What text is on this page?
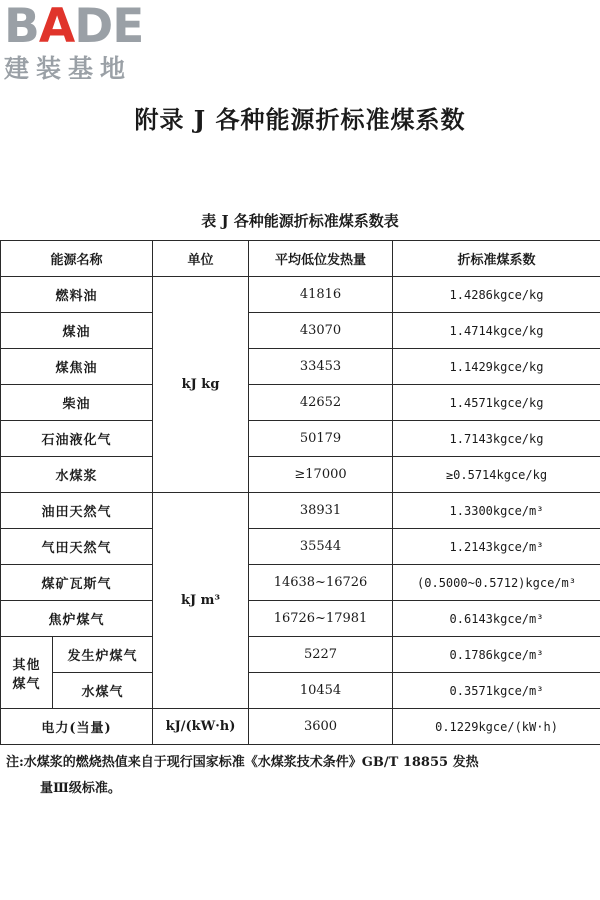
BADE
建装基地
附录 J 各种能源折标准煤系数
表 J 各种能源折标准煤系数表
能源名称		单位	平均低位发热量	折标准煤系数
燃料油		kJ kg	41816	1.4286kgce/kg
煤油			43070	1.4714kgce/kg
煤焦油			33453	1.1429kgce/kg
柴油			42652	1.4571kgce/kg
石油液化气			50179	1.7143kgce/kg
水煤浆			≥17000	≥0.5714kgce/kg
油田天然气		kJ m³	38931	1.3300kgce/m³
气田天然气			35544	1.2143kgce/m³
煤矿瓦斯气			14638~16726	(0.5000~0.5712)kgce/m³
焦炉煤气			16726~17981	0.6143kgce/m³
其他
煤气	发生炉煤气		5227	0.1786kgce/m³
	水煤气		10454	0.3571kgce/m³
电力(当量)		kJ/(kW·h)	3600	0.1229kgce/(kW·h)
注:水煤浆的燃烧热值来自于现行国家标准《水煤浆技术条件》GB/T 18855 发热
量Ⅲ级标准。
